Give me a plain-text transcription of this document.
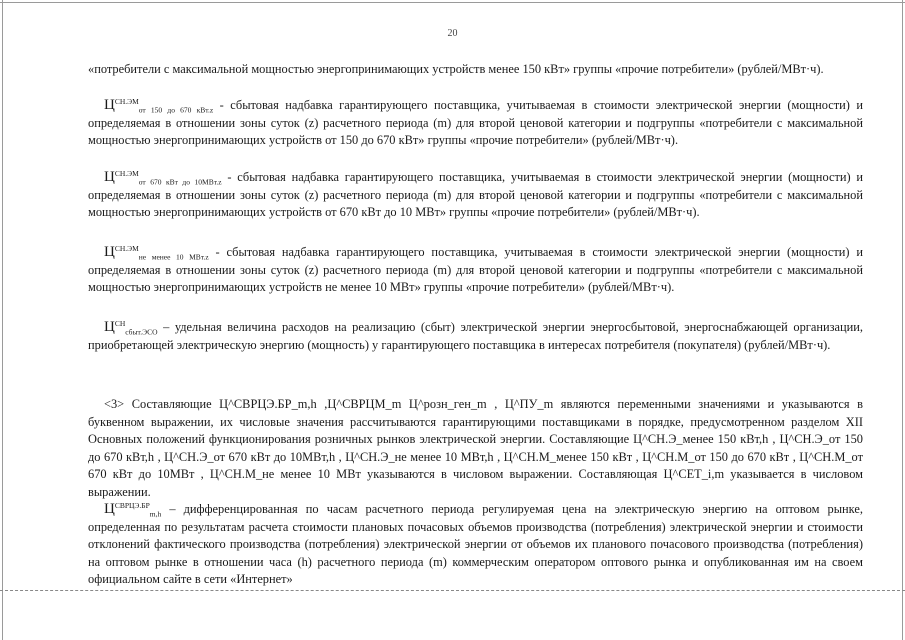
20

«потребители с максимальной мощностью энергопринимающих устройств менее 150 кВт» группы «прочие потребители» (рублей/МВт·ч).

$Ц^{СН.ЭМ}_{от 150 до 670 кВт.z}$ - сбытовая надбавка гарантирующего поставщика, учитываемая в стоимости электрической энергии (мощности) и определяемая в отношении зоны суток (z) расчетного периода (m) для второй ценовой категории и подгруппы «потребители с максимальной мощностью энергопринимающих устройств от 150 до 670 кВт» группы «прочие потребители» (рублей/МВт·ч).

$Ц^{СН.ЭМ}_{от 670 кВт до 10МВт.z}$ - сбытовая надбавка гарантирующего поставщика, учитываемая в стоимости электрической энергии (мощности) и определяемая в отношении зоны суток (z) расчетного периода (m) для второй ценовой категории и подгруппы «потребители с максимальной мощностью энергопринимающих устройств от 670 кВт до 10 МВт» группы «прочие потребители» (рублей/МВт·ч).

$Ц^{СН.ЭМ}_{не менее 10 МВт.z}$ - сбытовая надбавка гарантирующего поставщика, учитываемая в стоимости электрической энергии (мощности) и определяемая в отношении зоны суток (z) расчетного периода (m) для второй ценовой категории и подгруппы «потребители с максимальной мощностью энергопринимающих устройств не менее 10 МВт» группы «прочие потребители» (рублей/МВт·ч).

$Ц^{СН}_{сбыт.ЭСО}$ – удельная величина расходов на реализацию (сбыт) электрической энергии энергосбытовой, энергоснабжающей организации, приобретающей электрическую энергию (мощность) у гарантирующего поставщика в интересах потребителя (покупателя) (рублей/МВт·ч).

<3> Составляющие Ц^СВРЦЭ.БР_m,h ,Ц^СВРЦМ_m Ц^розн_ген_m , Ц^ПУ_m являются переменными значениями и указываются в буквенном выражении, их числовые значения рассчитываются гарантирующими поставщиками в порядке, предусмотренном разделом XII Основных положений функционирования розничных рынков электрической энергии. Составляющие Ц^СН.Э_менее 150 кВт,h , Ц^СН.Э_от 150 до 670 кВт,h , Ц^СН.Э_от 670 кВт до 10МВт,h , Ц^СН.Э_не менее 10 МВт,h , Ц^СН.М_менее 150 кВт , Ц^СН.М_от 150 до 670 кВт , Ц^СН.М_от 670 кВт до 10МВт , Ц^СН.М_не менее 10 МВт указываются в числовом выражении. Составляющая Ц^СЕТ_i,m указывается в числовом выражении.

$Ц^{СВРЦЭ.БР}_{m,h}$ – дифференцированная по часам расчетного периода регулируемая цена на электрическую энергию на оптовом рынке, определенная по результатам расчета стоимости плановых почасовых объемов производства (потребления) электрической энергии и стоимости отклонений фактического производства (потребления) электрической энергии от объемов их планового почасового производства (потребления) на оптовом рынке в отношении часа (h) расчетного периода (m) коммерческим оператором оптового рынка и опубликованная им на своем официальном сайте в сети «Интернет»
